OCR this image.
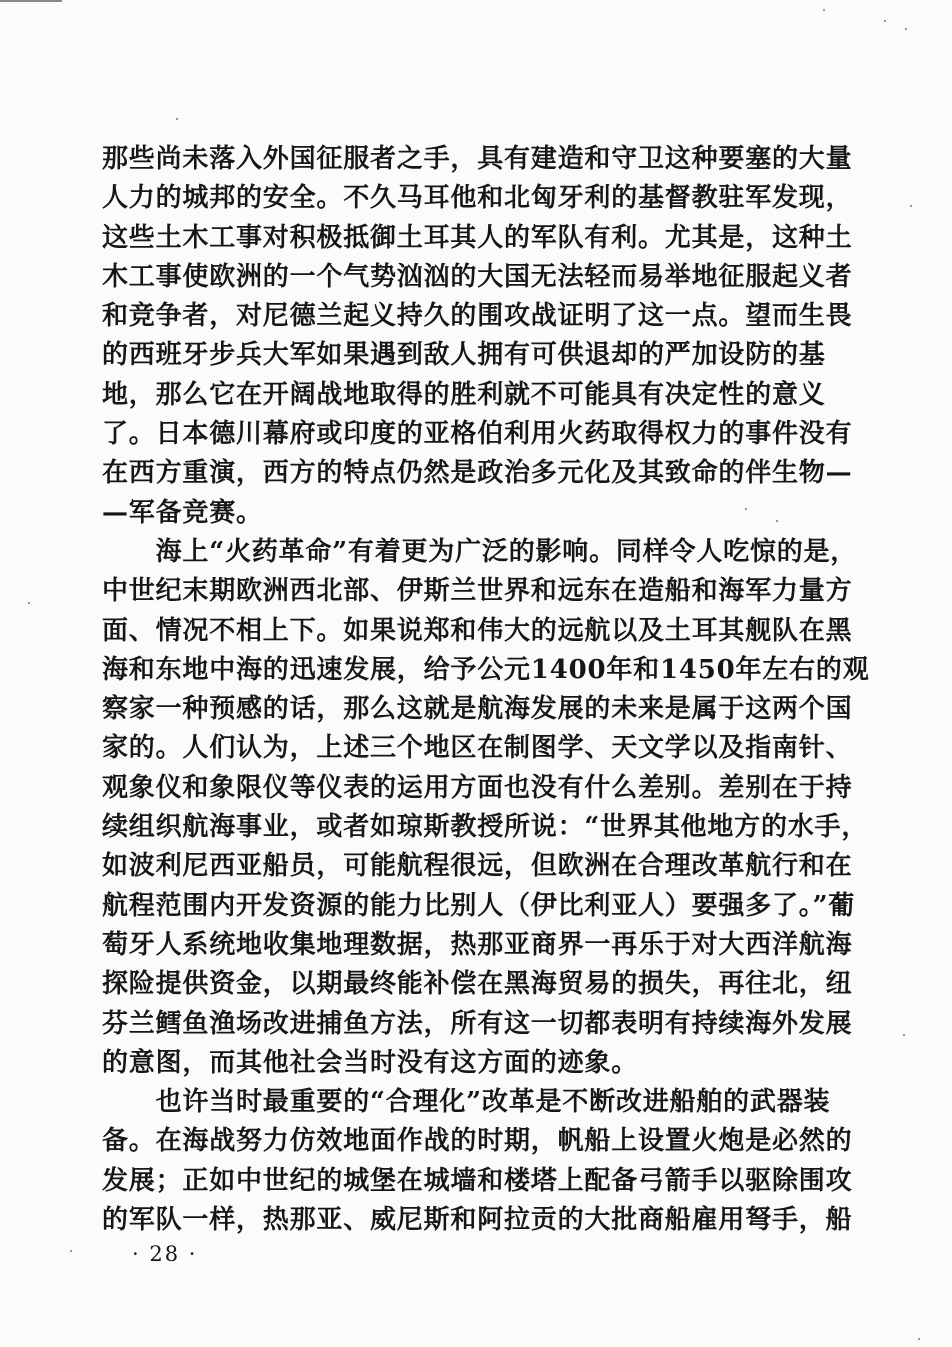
那些尚未落入外国征服者之手，具有建造和守卫这种要塞的大量
人力的城邦的安全。不久马耳他和北匈牙利的基督教驻军发现，
这些土木工事对积极抵御土耳其人的军队有利。尤其是，这种土
木工事使欧洲的一个气势汹汹的大国无法轻而易举地征服起义者
和竞争者，对尼德兰起义持久的围攻战证明了这一点。望而生畏
的西班牙步兵大军如果遇到敌人拥有可供退却的严加设防的基
地，那么它在开阔战地取得的胜利就不可能具有决定性的意义
了。日本德川幕府或印度的亚格伯利用火药取得权力的事件没有
在西方重演，西方的特点仍然是政治多元化及其致命的伴生物—
—军备竞赛。
　　海上“火药革命”有着更为广泛的影响。同样令人吃惊的是，
中世纪末期欧洲西北部、伊斯兰世界和远东在造船和海军力量方
面、情况不相上下。如果说郑和伟大的远航以及土耳其舰队在黑
海和东地中海的迅速发展，给予公元1400年和1450年左右的观
察家一种预感的话，那么这就是航海发展的未来是属于这两个国
家的。人们认为，上述三个地区在制图学、天文学以及指南针、
观象仪和象限仪等仪表的运用方面也没有什么差别。差别在于持
续组织航海事业，或者如琼斯教授所说：“世界其他地方的水手，
如波利尼西亚船员，可能航程很远，但欧洲在合理改革航行和在
航程范围内开发资源的能力比别人（伊比利亚人）要强多了。”葡
萄牙人系统地收集地理数据，热那亚商界一再乐于对大西洋航海
探险提供资金，以期最终能补偿在黑海贸易的损失，再往北，纽
芬兰鳕鱼渔场改进捕鱼方法，所有这一切都表明有持续海外发展
的意图，而其他社会当时没有这方面的迹象。
　　也许当时最重要的“合理化”改革是不断改进船舶的武器装
备。在海战努力仿效地面作战的时期，帆船上设置火炮是必然的
发展；正如中世纪的城堡在城墙和楼塔上配备弓箭手以驱除围攻
的军队一样，热那亚、威尼斯和阿拉贡的大批商船雇用弩手，船
· 28 ·
